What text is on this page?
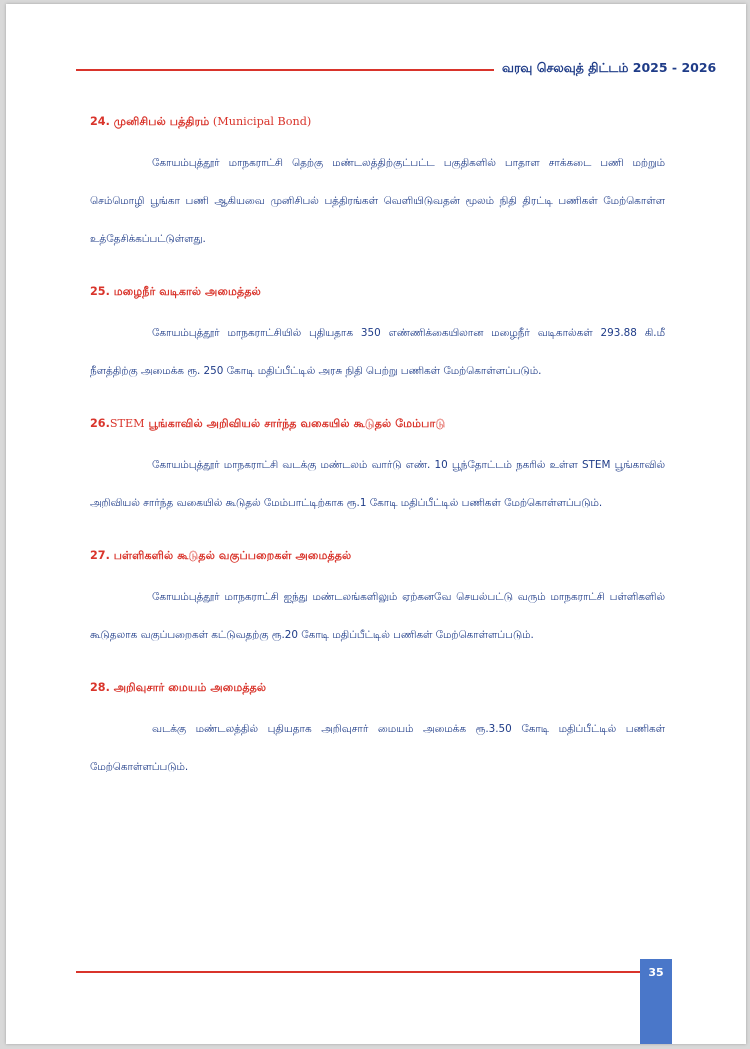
வரவு செலவுத் திட்டம் 2025 - 2026
24. முனிசிபல் பத்திரம் (Municipal Bond)
கோயம்புத்தூர் மாநகராட்சி தெற்கு மண்டலத்திற்குட்பட்ட பகுதிகளில் பாதாள சாக்கடை பணி மற்றும் செம்மொழி பூங்கா பணி ஆகியவை முனிசிபல் பத்திரங்கள் வெளியிடுவதன் மூலம் நிதி திரட்டி பணிகள் மேற்கொள்ள உத்தேசிக்கப்பட்டுள்ளது.
25. மழைநீர் வடிகால் அமைத்தல்
கோயம்புத்தூர் மாநகராட்சியில் புதியதாக 350 எண்ணிக்கையிலான மழைநீர் வடிகால்கள் 293.88 கி.மீ நீளத்திற்கு அமைக்க ரூ. 250 கோடி மதிப்பீட்டில் அரசு நிதி பெற்று பணிகள் மேற்கொள்ளப்படும்.
26.STEM பூங்காவில் அறிவியல் சார்ந்த வகையில் கூடுதல் மேம்பாடு
கோயம்புத்தூர் மாநகராட்சி வடக்கு மண்டலம் வார்டு எண். 10 பூந்தோட்டம் நகரில் உள்ள STEM பூங்காவில் அறிவியல் சார்ந்த வகையில் கூடுதல் மேம்பாட்டிற்காக ரூ.1 கோடி மதிப்பீட்டில் பணிகள் மேற்கொள்ளப்படும்.
27. பள்ளிகளில் கூடுதல் வகுப்பறைகள் அமைத்தல்
கோயம்புத்தூர் மாநகராட்சி ஐந்து மண்டலங்களிலும் ஏற்கனவே செயல்பட்டு வரும் மாநகராட்சி பள்ளிகளில் கூடுதலாக வகுப்பறைகள் கட்டுவதற்கு ரூ.20 கோடி மதிப்பீட்டில் பணிகள் மேற்கொள்ளப்படும்.
28. அறிவுசார் மையம் அமைத்தல்
வடக்கு மண்டலத்தில் புதியதாக அறிவுசார் மையம் அமைக்க ரூ.3.50 கோடி மதிப்பீட்டில் பணிகள் மேற்கொள்ளப்படும்.
35
